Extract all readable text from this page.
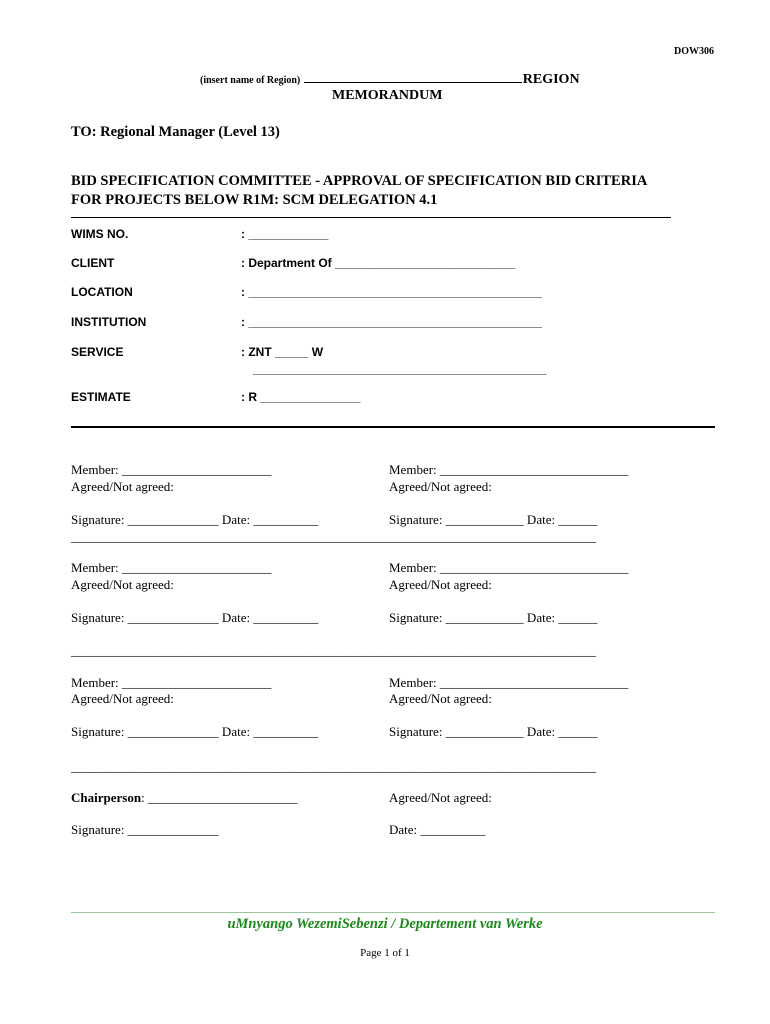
DOW306
(insert name of Region)	REGION
MEMORANDUM
TO: Regional Manager (Level 13)
BID SPECIFICATION COMMITTEE - APPROVAL OF SPECIFICATION BID CRITERIA
FOR PROJECTS BELOW R1M: SCM DELEGATION 4.1
WIMS NO.	: ____________
CLIENT	: Department Of ___________________________
LOCATION	: ____________________________________________
INSTITUTION	: ____________________________________________
SERVICE	: ZNT _____ W
____________________________________________
ESTIMATE	: R _______________
Member: _______________________
Agreed/Not agreed:
Signature: ______________ Date: __________
Member: _____________________________
Agreed/Not agreed:
Signature: ____________ Date: ______
______________________________________________________________________________________
Member: _______________________
Agreed/Not agreed:
Signature: ______________ Date: __________
Member: _____________________________
Agreed/Not agreed:
Signature: ____________ Date: ______
______________________________________________________________________________________
Member: _______________________
Agreed/Not agreed:
Signature: ______________ Date: __________
Member: _____________________________
Agreed/Not agreed:
Signature: ____________ Date: ______
______________________________________________________________________________________
Chairperson: _______________________	Agreed/Not agreed:
Signature: ______________	Date: __________
uMnyango WezemiSebenzi / Departement van Werke
Page 1 of 1
